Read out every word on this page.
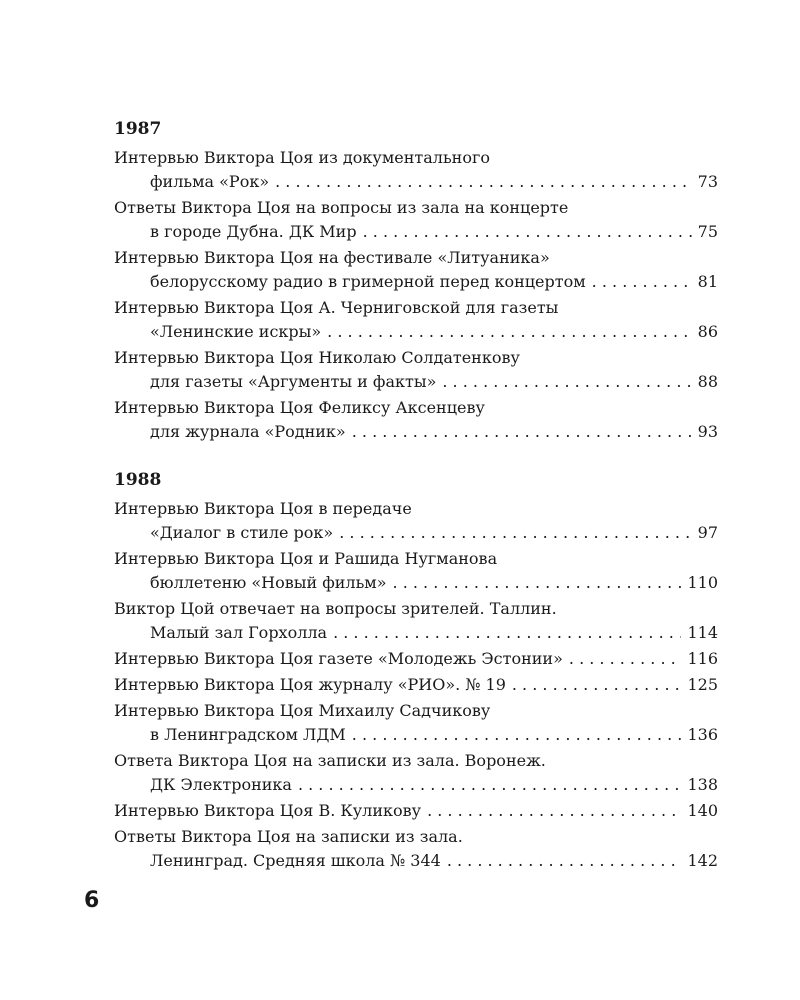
1987
Интервью Виктора Цоя из документального
фильма «Рок» . . .	73
Ответы Виктора Цоя на вопросы из зала на концерте
в городе Дубна. ДК Мир . . .	75
Интервью Виктора Цоя на фестивале «Литуаника»
белорусскому радио в гримерной перед концертом . . .	81
Интервью Виктора Цоя А. Черниговской для газеты
«Ленинские искры» . . .	86
Интервью Виктора Цоя Николаю Солдатенкову
для газеты «Аргументы и факты» . . .	88
Интервью Виктора Цоя Феликсу Аксенцеву
для журнала «Родник» . . .	93
1988
Интервью Виктора Цоя в передаче
«Диалог в стиле рок» . . .	97
Интервью Виктора Цоя и Рашида Нугманова
бюллетеню «Новый фильм» . . .	110
Виктор Цой отвечает на вопросы зрителей. Таллин.
Малый зал Горхолла . . .	114
Интервью Виктора Цоя газете «Молодежь Эстонии» . . .	116
Интервью Виктора Цоя журналу «РИО». № 19 . . .	125
Интервью Виктора Цоя Михаилу Садчикову
в Ленинградском ЛДМ . . .	136
Ответа Виктора Цоя на записки из зала. Воронеж.
ДК Электроника . . .	138
Интервью Виктора Цоя В. Куликову . . .	140
Ответы Виктора Цоя на записки из зала.
Ленинград. Средняя школа № 344 . . .	142
6
